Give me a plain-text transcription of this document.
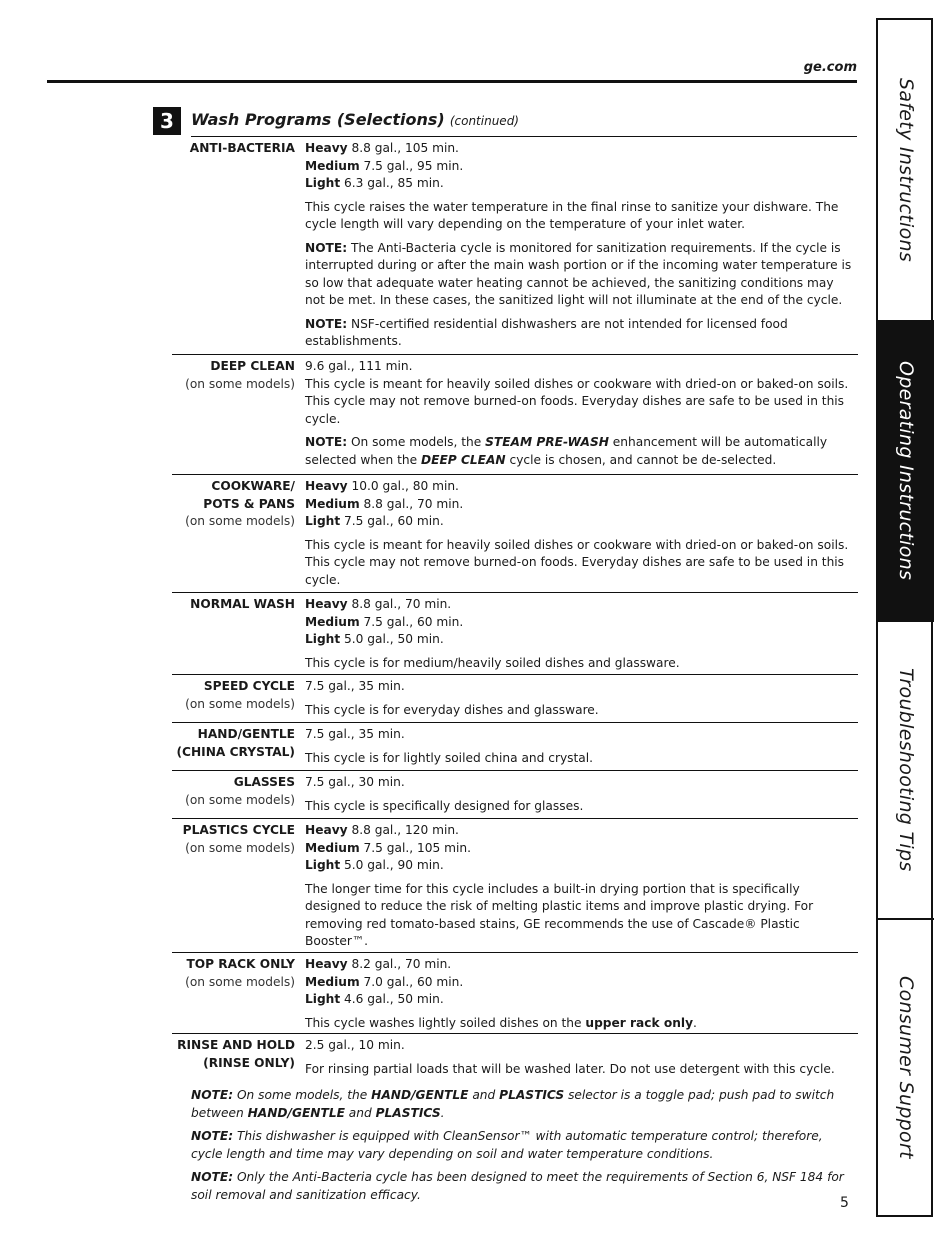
ge.com
3	Wash Programs (Selections) (continued)
ANTI-BACTERIA Heavy 8.8 gal., 105 min.

Medium 7.5 gal., 95 min.

Light 6.3 gal., 85 min.

This cycle raises the water temperature in the final rinse to sanitize your dishware. The cycle length will vary depending on the temperature of your inlet water.

NOTE: The Anti-Bacteria cycle is monitored for sanitization requirements. If the cycle is interrupted during or after the main wash portion or if the incoming water temperature is so low that adequate water heating cannot be achieved, the sanitizing conditions may not be met. In these cases, the sanitized light will not illuminate at the end of the cycle.

NOTE: NSF-certified residential dishwashers are not intended for licensed food establishments.

DEEP CLEAN
(on some models)

9.6 gal., 111 min.

This cycle is meant for heavily soiled dishes or cookware with dried-on or baked-on soils. This cycle may not remove burned-on foods. Everyday dishes are safe to be used in this cycle.

NOTE: On some models, the STEAM PRE-WASH enhancement will be automatically selected when the DEEP CLEAN cycle is chosen, and cannot be de-selected.

COOKWARE/
POTS & PANS
(on some models)

Heavy 10.0 gal., 80 min.

Medium 8.8 gal., 70 min.

Light 7.5 gal., 60 min.

This cycle is meant for heavily soiled dishes or cookware with dried-on or baked-on soils. This cycle may not remove burned-on foods. Everyday dishes are safe to be used in this cycle.

NORMAL WASH Heavy 8.8 gal., 70 min.

Medium 7.5 gal., 60 min.

Light 5.0 gal., 50 min.

This cycle is for medium/heavily soiled dishes and glassware.

SPEED CYCLE
(on some models)

7.5 gal., 35 min.

This cycle is for everyday dishes and glassware.

HAND/GENTLE
(CHINA CRYSTAL)

7.5 gal., 35 min.

This cycle is for lightly soiled china and crystal.

GLASSES
(on some models)

7.5 gal., 30 min.

This cycle is specifically designed for glasses.

PLASTICS CYCLE
(on some models)

Heavy 8.8 gal., 120 min.

Medium 7.5 gal., 105 min.

Light 5.0 gal., 90 min.

The longer time for this cycle includes a built-in drying portion that is specifically designed to reduce the risk of melting plastic items and improve plastic drying. For removing red tomato-based stains, GE recommends the use of Cascade® Plastic Booster™.

TOP RACK ONLY
(on some models)

Heavy 8.2 gal., 70 min.

Medium 7.0 gal., 60 min.

Light 4.6 gal., 50 min.

This cycle washes lightly soiled dishes on the upper rack only.

RINSE AND HOLD
(RINSE ONLY)

2.5 gal., 10 min.

For rinsing partial loads that will be washed later. Do not use detergent with this cycle.

NOTE: On some models, the HAND/GENTLE and PLASTICS selector is a toggle pad; push pad to switch between HAND/GENTLE and PLASTICS.

NOTE: This dishwasher is equipped with CleanSensor™ with automatic temperature control; therefore, cycle length and time may vary depending on soil and water temperature conditions.

NOTE: Only the Anti-Bacteria cycle has been designed to meet the requirements of Section 6, NSF 184 for soil removal and sanitization efficacy.

5
Safety Instructions
Operating Instructions
Troubleshooting Tips
Consumer Support
